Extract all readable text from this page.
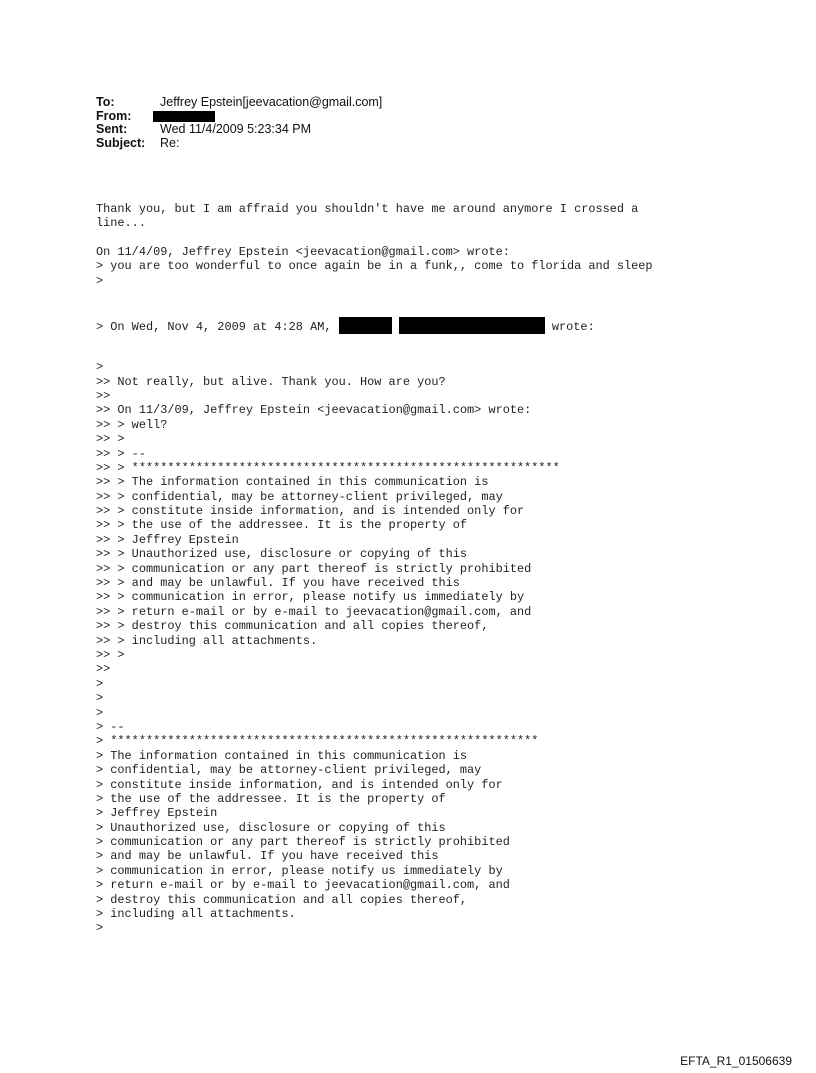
To:	Jeffrey Epstein[jeevacation@gmail.com]
From:
Sent:	Wed 11/4/2009 5:23:34 PM
Subject: Re:

Thank you, but I am affraid you shouldn't have me around anymore I crossed a
line...
On 11/4/09, Jeffrey Epstein <jeevacation@gmail.com> wrote:
> you are too wonderful to once again be in a funk,, come to florida and sleep
>

> On Wed, Nov 4, 2009 at 4:28 AM,	wrote:

>
>> Not really, but alive. Thank you. How are you?
>>
>> On 11/3/09, Jeffrey Epstein <jeevacation@gmail.com> wrote:
>> > well?
>> >
>> > --
>> > ************************************************************
>> > The information contained in this communication is
>> > confidential, may be attorney-client privileged, may
>> > constitute inside information, and is intended only for
>> > the use of the addressee. It is the property of
>> > Jeffrey Epstein
>> > Unauthorized use, disclosure or copying of this
>> > communication or any part thereof is strictly prohibited
>> > and may be unlawful. If you have received this
>> > communication in error, please notify us immediately by
>> > return e-mail or by e-mail to jeevacation@gmail.com, and
>> > destroy this communication and all copies thereof,
>> > including all attachments.
>> >
>>
>
>
>
> --
> ************************************************************
> The information contained in this communication is
> confidential, may be attorney-client privileged, may
> constitute inside information, and is intended only for
> the use of the addressee. It is the property of
> Jeffrey Epstein
> Unauthorized use, disclosure or copying of this
> communication or any part thereof is strictly prohibited
> and may be unlawful. If you have received this
> communication in error, please notify us immediately by
> return e-mail or by e-mail to jeevacation@gmail.com, and
> destroy this communication and all copies thereof,
> including all attachments.
>

EFTA_R1_01506639
